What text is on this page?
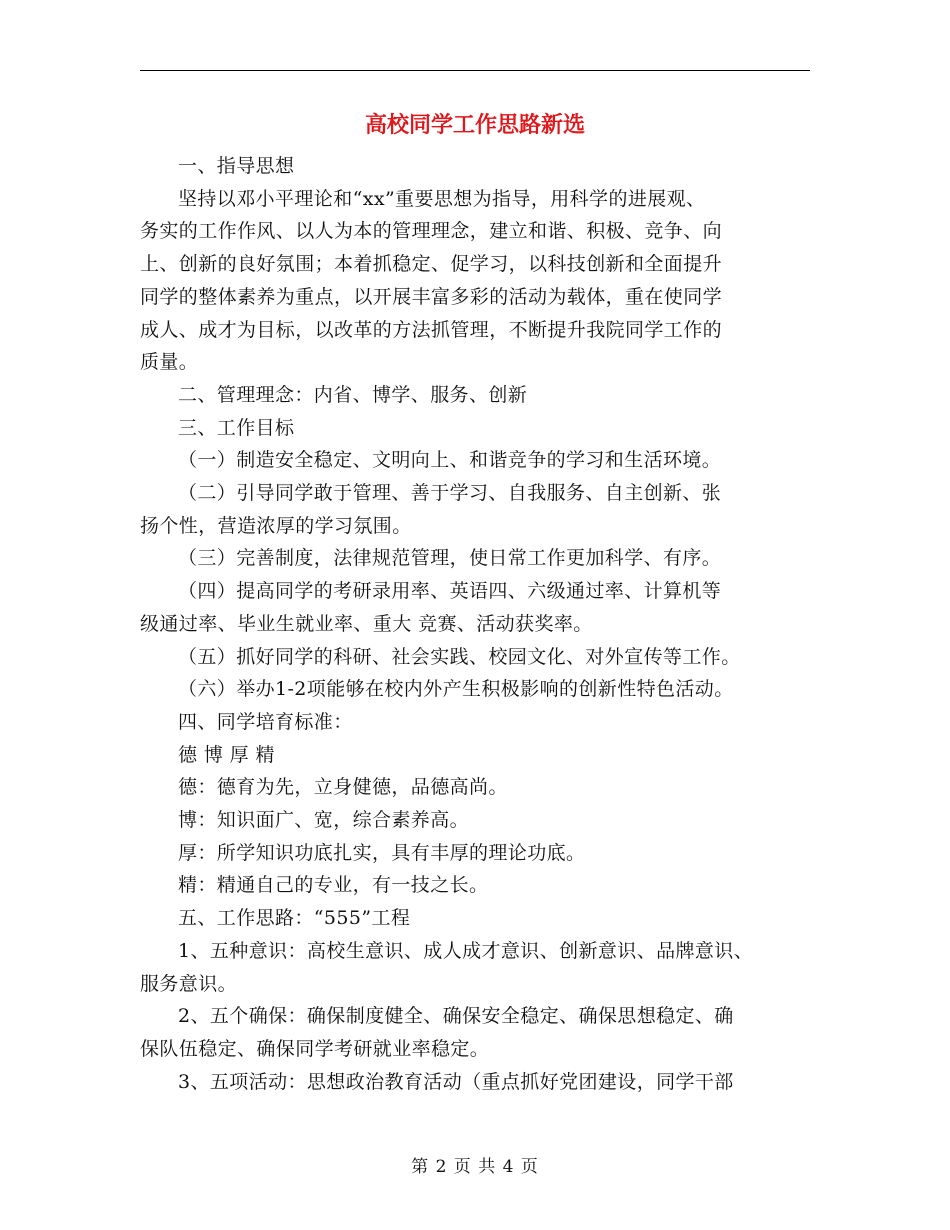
高校同学工作思路新选
一、指导思想
坚持以邓小平理论和“xx”重要思想为指导，用科学的进展观、
务实的工作作风、以人为本的管理理念，建立和谐、积极、竞争、向
上、创新的良好氛围；本着抓稳定、促学习，以科技创新和全面提升
同学的整体素养为重点，以开展丰富多彩的活动为载体，重在使同学
成人、成才为目标，以改革的方法抓管理，不断提升我院同学工作的
质量。
二、管理理念：内省、博学、服务、创新
三、工作目标
（一）制造安全稳定、文明向上、和谐竞争的学习和生活环境。
（二）引导同学敢于管理、善于学习、自我服务、自主创新、张
扬个性，营造浓厚的学习氛围。
（三）完善制度，法律规范管理，使日常工作更加科学、有序。
（四）提高同学的考研录用率、英语四、六级通过率、计算机等
级通过率、毕业生就业率、重大 竞赛、活动获奖率。
（五）抓好同学的科研、社会实践、校园文化、对外宣传等工作。
（六）举办1-2项能够在校内外产生积极影响的创新性特色活动。
四、同学培育标准：
德 博 厚 精
德：德育为先，立身健德，品德高尚。
博：知识面广、宽，综合素养高。
厚：所学知识功底扎实，具有丰厚的理论功底。
精：精通自己的专业，有一技之长。
五、工作思路：“555”工程
1、五种意识：高校生意识、成人成才意识、创新意识、品牌意识、
服务意识。
2、五个确保：确保制度健全、确保安全稳定、确保思想稳定、确
保队伍稳定、确保同学考研就业率稳定。
3、五项活动：思想政治教育活动（重点抓好党团建设，同学干部
第 2 页 共 4 页
